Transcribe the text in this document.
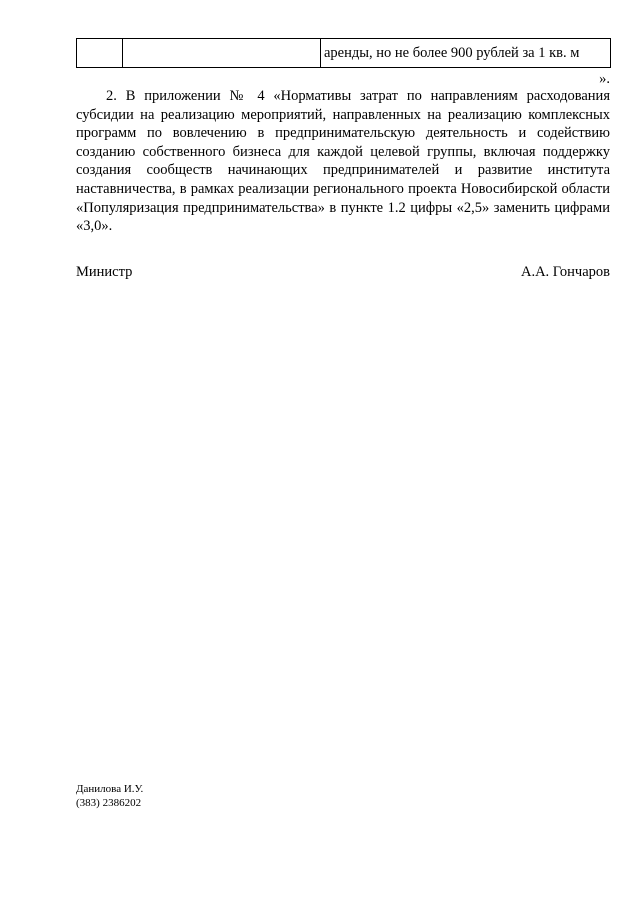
		аренды, но не более 900 рублей за 1 кв. м
».

2. В приложении № 4 «Нормативы затрат по направлениям расходования субсидии на реализацию мероприятий, направленных на реализацию комплексных программ по вовлечению в предпринимательскую деятельность и содействию созданию собственного бизнеса для каждой целевой группы, включая поддержку создания сообществ начинающих предпринимателей и развитие института наставничества, в рамках реализации регионального проекта Новосибирской области «Популяризация предпринимательства» в пункте 1.2 цифры «2,5» заменить цифрами «3,0».

Министр	А.А. Гончаров
Данилова И.У.
(383) 2386202
